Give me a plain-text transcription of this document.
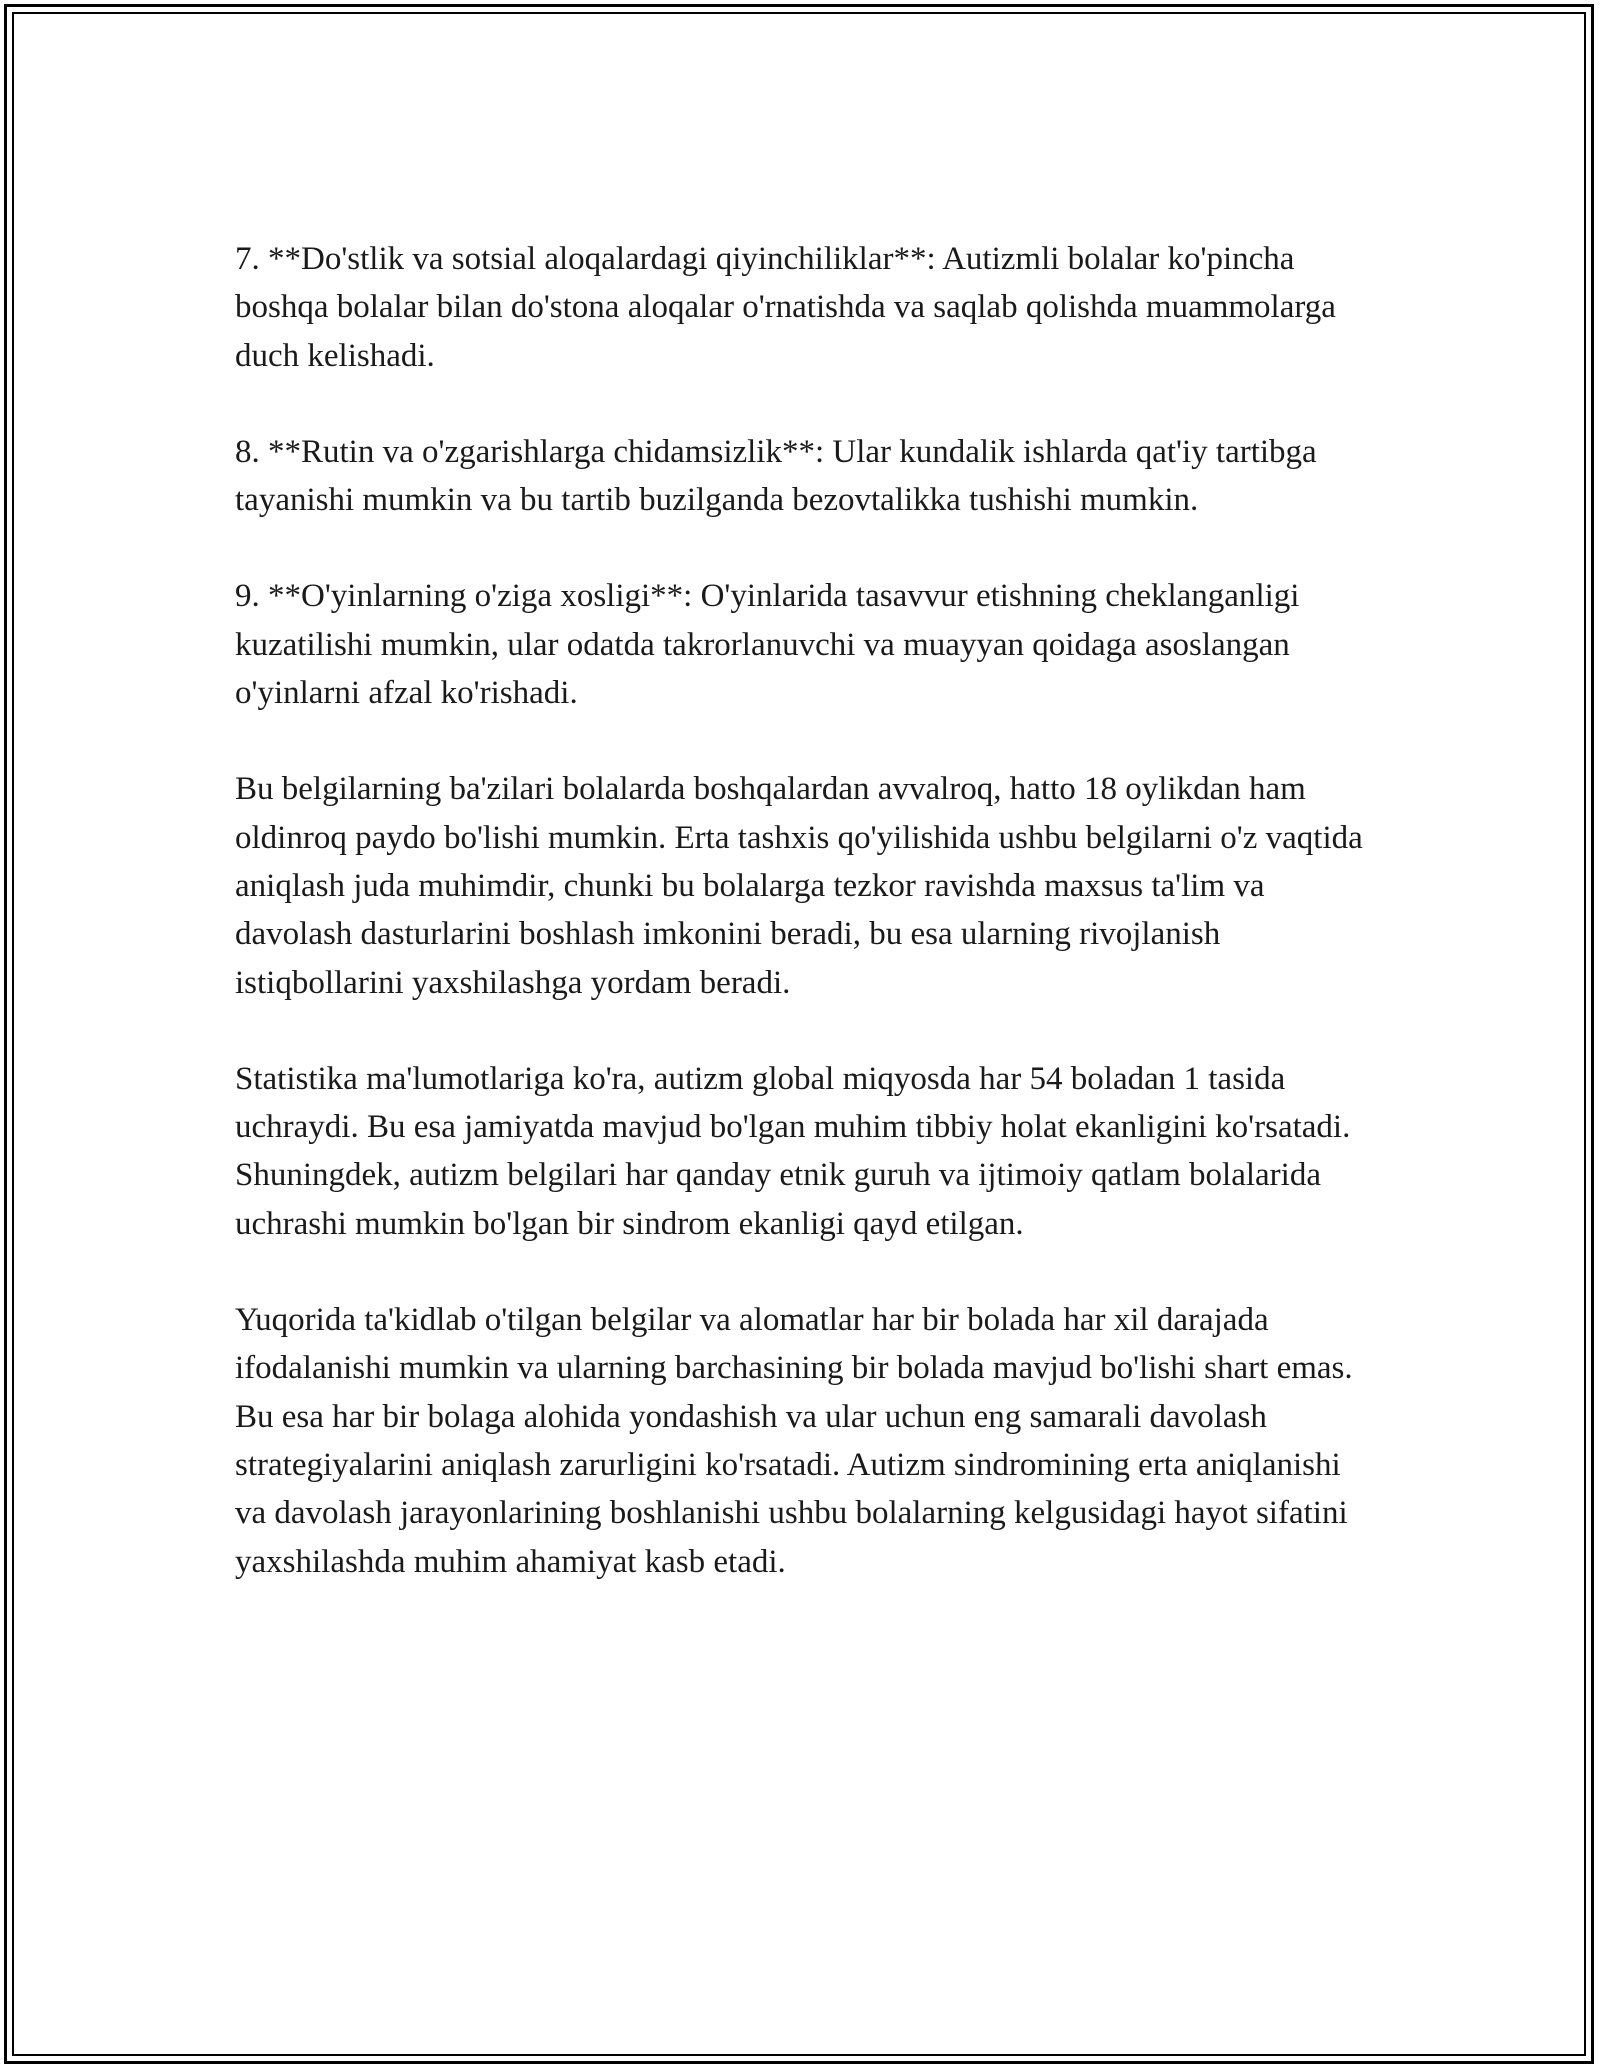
7. **Do'stlik va sotsial aloqalardagi qiyinchiliklar**: Autizmli bolalar ko'pincha boshqa bolalar bilan do'stona aloqalar o'rnatishda va saqlab qolishda muammolarga duch kelishadi.

8. **Rutin va o'zgarishlarga chidamsizlik**: Ular kundalik ishlarda qat'iy tartibga tayanishi mumkin va bu tartib buzilganda bezovtalikka tushishi mumkin.

9. **O'yinlarning o'ziga xosligi**: O'yinlarida tasavvur etishning cheklanganligi kuzatilishi mumkin, ular odatda takrorlanuvchi va muayyan qoidaga asoslangan o'yinlarni afzal ko'rishadi.

Bu belgilarning ba'zilari bolalarda boshqalardan avvalroq, hatto 18 oylikdan ham oldinroq paydo bo'lishi mumkin. Erta tashxis qo'yilishida ushbu belgilarni o'z vaqtida aniqlash juda muhimdir, chunki bu bolalarga tezkor ravishda maxsus ta'lim va davolash dasturlarini boshlash imkonini beradi, bu esa ularning rivojlanish istiqbollarini yaxshilashga yordam beradi.

Statistika ma'lumotlariga ko'ra, autizm global miqyosda har 54 boladan 1 tasida uchraydi. Bu esa jamiyatda mavjud bo'lgan muhim tibbiy holat ekanligini ko'rsatadi. Shuningdek, autizm belgilari har qanday etnik guruh va ijtimoiy qatlam bolalarida uchrashi mumkin bo'lgan bir sindrom ekanligi qayd etilgan.

Yuqorida ta'kidlab o'tilgan belgilar va alomatlar har bir bolada har xil darajada ifodalanishi mumkin va ularning barchasining bir bolada mavjud bo'lishi shart emas. Bu esa har bir bolaga alohida yondashish va ular uchun eng samarali davolash strategiyalarini aniqlash zarurligini ko'rsatadi. Autizm sindromining erta aniqlanishi va davolash jarayonlarining boshlanishi ushbu bolalarning kelgusidagi hayot sifatini yaxshilashda muhim ahamiyat kasb etadi.
